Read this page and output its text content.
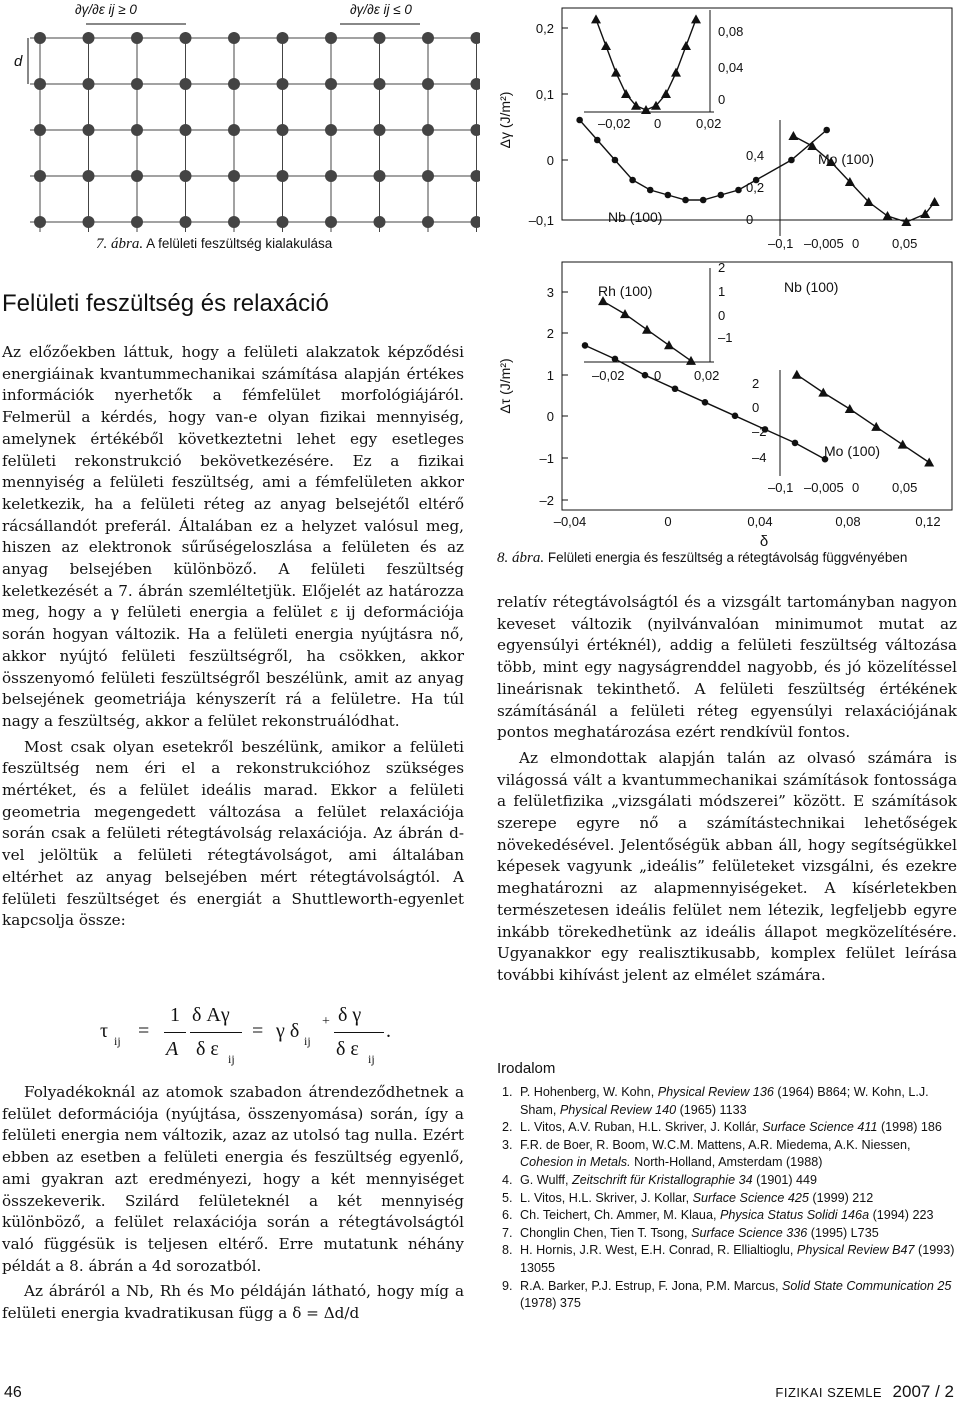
∂γ/∂ε ij ≥ 0	∂γ/∂ε ij ≤ 0
d
7. ábra. A felületi feszültség kialakulása
Felületi feszültség és relaxáció

Az előzőekben láttuk, hogy a felületi alakzatok képződési energiáinak kvantummechanikai számítása alapján értékes információk nyerhetők a fémfelület morfológiájáról. Felmerül a kérdés, hogy van-e olyan fizikai mennyiség, amelynek értékéből következtetni lehet egy esetleges felületi rekonstrukció bekövetkezésére. Ez a fizikai mennyiség a felületi feszültség, ami a fémfelületen akkor keletkezik, ha a felületi réteg az anyag belsejétől eltérő rácsállandót preferál. Általában ez a helyzet valósul meg, hiszen az elektronok sűrűségeloszlása a felületen és az anyag belsejében különböző. A felületi feszültség keletkezését a 7. ábrán szemléltetjük. Előjelét az határozza meg, hogy a γ felületi energia a felület ε ij deformációja során hogyan változik. Ha a felületi energia nyújtásra nő, akkor nyújtó felületi feszültségről, ha csökken, akkor összenyomó felületi feszültségről beszélünk, amit az anyag belsejének geometriája kényszerít rá a felületre. Ha túl nagy a feszültség, akkor a felület rekonstruálódhat.

Most csak olyan esetekről beszélünk, amikor a felületi feszültség nem éri el a rekonstrukcióhoz szükséges mértéket, és a felület ideális marad. Ekkor a felületi geometria megengedett változása a felület relaxációja során csak a felületi rétegtávolság relaxációja. Az ábrán d-vel jelöltük a felületi rétegtávolságot, ami általában eltérhet az anyag belsejében mért rétegtávolságtól. A felületi feszültséget és energiát a Shuttleworth-egyenlet kapcsolja össze:

τ ij =
1
A
δ Aγ
δ ε ij
= γ δ ij
+ δ γ
δ ε ij
.

Folyadékoknál az atomok szabadon átrendeződhetnek a felület deformációja (nyújtása, összenyomása) során, így a felületi energia nem változik, azaz az utolsó tag nulla. Ezért ebben az esetben a felületi energia és feszültség egyenlő, ami gyakran azt eredményezi, hogy a két mennyiséget összekeverik. Szilárd felületeknél a két mennyiség különböző, a felület relaxációja során a rétegtávolságtól való függésük is teljesen eltérő. Erre mutatunk néhány példát a 8. ábrán a 4d sorozatból.

Az ábráról a Nb, Rh és Mo példáján látható, hogy míg a felületi energia kvadratikusan függ a δ = Δd/d

Δγ (J/m²)
0,2
0,1
0
–0,1	Nb (100)
0,08
0,04
0
–0,02 0	0,02
0,4
0,2
0
–0,1 –0,005 0	0,05
Mo (100)
Δτ (J/m²)
3
2
1
0
–1
–2
–0,04	0	0,04	0,08	0,12
δ
Nb (100)
2
1
0
–1
–0,02 0	0,02
Rh (100)
2
0
–2
–4
–0,1 –0,005 0	0,05
Mo (100)
8. ábra. Felületi energia és feszültség a rétegtávolság függvényében

relatív rétegtávolságtól és a vizsgált tartományban nagyon keveset változik (nyilvánvalóan minimumot mutat az egyensúlyi értéknél), addig a felületi feszültség változása több, mint egy nagyságrenddel nagyobb, és jó közelítéssel lineárisnak tekinthető. A felületi feszültség értékének számításánál a felületi réteg egyensúlyi relaxációjának pontos meghatározása ezért rendkívül fontos.

Az elmondottak alapján talán az olvasó számára is világossá vált a kvantummechanikai számítások fontossága a felületfizika „vizsgálati módszerei” között. E számítások szerepe egyre nő a számítástechnikai lehetőségek növekedésével. Jelentőségük abban áll, hogy segítségükkel képesek vagyunk „ideális” felületeket vizsgálni, és ezekre meghatározni az alapmennyiségeket. A kísérletekben természetesen ideális felület nem létezik, legfeljebb egyre inkább törekedhetünk az ideális állapot megközelítésére. Ugyanakkor egy realisztikusabb, komplex felület leírása további kihívást jelent az elmélet számára.

Irodalom
1. P. Hohenberg, W. Kohn, Physical Review 136 (1964) B864; W. Kohn, L.J. Sham, Physical Review 140 (1965) 1133
2. L. Vitos, A.V. Ruban, H.L. Skriver, J. Kollár, Surface Science 411 (1998) 186
3. F.R. de Boer, R. Boom, W.C.M. Mattens, A.R. Miedema, A.K. Niessen, Cohesion in Metals. North-Holland, Amsterdam (1988)
4. G. Wulff, Zeitschrift für Kristallographie 34 (1901) 449
5. L. Vitos, H.L. Skriver, J. Kollar, Surface Science 425 (1999) 212
6. Ch. Teichert, Ch. Ammer, M. Klaua, Physica Status Solidi 146a (1994) 223
7. Chonglin Chen, Tien T. Tsong, Surface Science 336 (1995) L735
8. H. Hornis, J.R. West, E.H. Conrad, R. Ellialtioglu, Physical Review B47 (1993) 13055
9. R.A. Barker, P.J. Estrup, F. Jona, P.M. Marcus, Solid State Communication 25 (1978) 375
46	FIZIKAI SZEMLE 2007 / 2
